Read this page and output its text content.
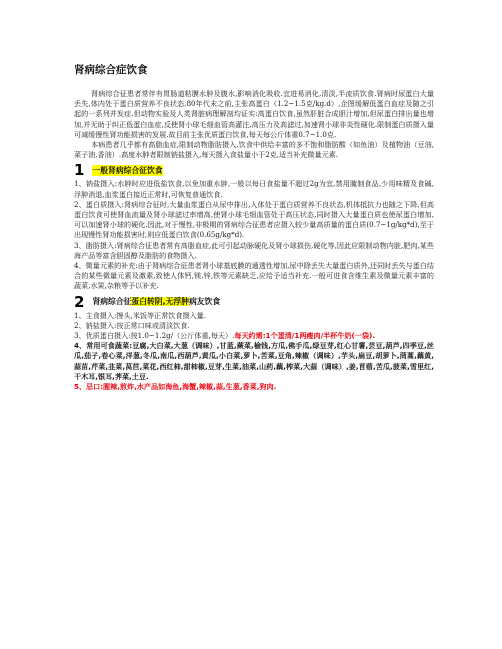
肾病综合症饮食

肾病综合征患者常伴有胃肠道粘膜水肿及腹水,影响消化吸收.宜进易消化,清淡,半流质饮食.肾病时尿蛋白大量丢失,体内处于蛋白质营养不良状态.80年代末之前,主张高蛋白（1.2~1.5克/kg.d）,企图缓解低蛋白血症及随之引起的一系列并发症.但动物实验及人类肾脏病理解剖均证实:高蛋白饮食,虽然肝脏合成胆汁增加,但尿蛋白排出量也增加,并无助于纠正低蛋白血症,反使肾小球毛细血管高灌注,高压力及高滤过,加速肾小球非炎性硬化.限制蛋白质摄入量可减缓慢性肾功能损害的发展.故目前主张优质蛋白饮食,每天每公斤体重0.7~1.0克.

本病患者几乎都有高脂血症,限制动物脂肪摄入,饮食中供给丰富的多不饱和脂肪酸（如鱼油）及植物油（豆油,菜子油,香油）.高度水肿者限制钠盐摄入,每天摄入食盐量小于2克,适当补充微量元素.

1 一般肾病综合征饮食

1、钠盐摄入:水肿时应进低盐饮食,以免加重水肿,一般以每日食盐量不超过2g为宜,禁用腌制食品,少用味精及食碱,浮肿消退,血浆蛋白接近正常时,可恢复普通饮食.

2、蛋白质摄入:肾病综合征时,大量血浆蛋白从尿中排出,人体处于蛋白质营养不良状态,机体抵抗力也随之下降,但高蛋白饮食可使肾血流量及肾小球滤过率增高,使肾小球毛细血管处于高压状态,同时摄入大量蛋白质也使尿蛋白增加,可以加速肾小球的硬化.因此,对于慢性,非极期的肾病综合征患者应摄入较少量高质量的蛋白质(0.7~1g/kg*d),至于出现慢性肾功能损害时,则应低蛋白饮食(0.65g/kg*d).

3、脂肪摄入:肾病综合征患者常有高脂血症,此可引起动脉硬化及肾小球损伤,硬化等,因此应限制动物内脏,肥肉,某些海产品等富含胆固醇及脂肪的食物摄入.

4、微量元素的补充:由于肾病综合征患者肾小球基底膜的通透性增加,尿中除丢失大量蛋白质外,还同时丢失与蛋白结合的某些微量元素及激素,致使人体钙,镁,锌,铁等元素缺乏,应给予适当补充.一般可进食含维生素及微量元素丰富的蔬菜,水果,杂粮等予以补充.

2 肾病综合征蛋白转阴,无浮肿病友饮食

1、主食摄入:馒头,米饭等正常饮食摄入量.

2、钠盐摄入:按正常口味或清淡饮食.

3、优质蛋白摄入:按1.0~1.2g/（公斤体重,每天）.每天约需:1个蛋清/1两瘦肉/半杯牛奶(一袋).

4、常用可食蔬菜:豆腐,大白菜,大葱（调味）,甘蓝,蕨菜,榆钱,方瓜,佛手瓜,绿豆芽,红心甘薯,芸豆,葫芦,四季豆,丝瓜,茄子,卷心菜,洋葱,冬瓜,南瓜,西葫芦,黄瓜,小白菜,萝卜,苦菜,豆角,辣椒（调味）,芋头,扁豆,胡萝卜,茼蒿,藕黄,蒜苗,芹菜,韭菜,莴苣,菜花,西红柿,甜柿椒,豆芽,生菜,油菜,山药,藕,榨菜,大蒜（调味）,姜,苜蓿,苦瓜,菠菜,雪里红,干木耳,银耳,荠菜,土豆.

5、忌口:腥辣,煎炸,水产品如海鱼,海蟹,辣椒,蒜,生葱,香菜,狗肉.
